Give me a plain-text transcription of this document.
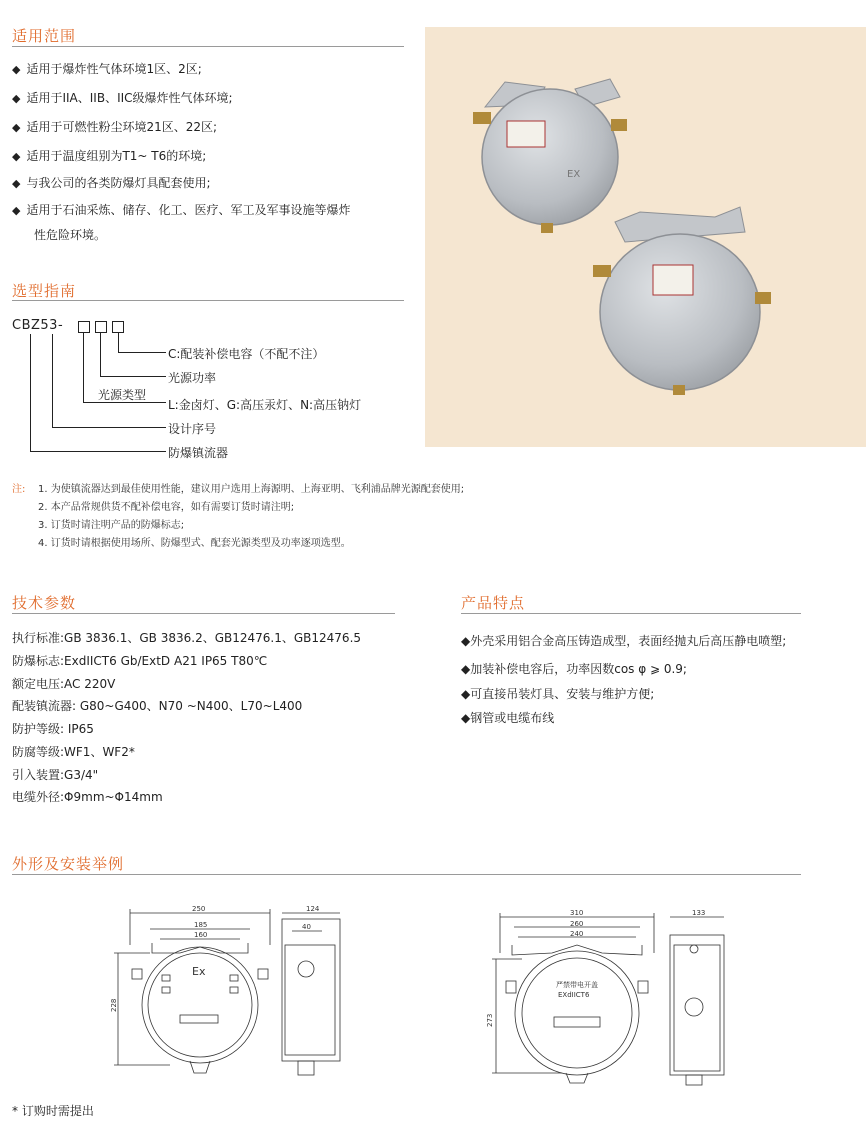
适用范围
◆ 适用于爆炸性气体环境1区、2区;
◆ 适用于IIA、IIB、IIC级爆炸性气体环境;
◆ 适用于可燃性粉尘环境21区、22区;
◆ 适用于温度组别为T1~ T6的环境;
◆ 与我公司的各类防爆灯具配套使用;
◆ 适用于石油采炼、储存、化工、医疗、军工及军事设施等爆炸
性危险环境。
EX
选型指南
CBZ53-
C:配装补偿电容（不配不注）
光源功率
光源类型
L:金卤灯、G:高压汞灯、N:高压钠灯
设计序号
防爆镇流器
注: 1. 为使镇流器达到最佳使用性能，建议用户选用上海源明、上海亚明、飞利浦品牌光源配套使用;
2. 本产品常规供货不配补偿电容，如有需要订货时请注明;
3. 订货时请注明产品的防爆标志;
4. 订货时请根据使用场所、防爆型式、配套光源类型及功率逐项选型。
技术参数
执行标准:GB 3836.1、GB 3836.2、GB12476.1、GB12476.5
防爆标志:ExdIICT6 Gb/ExtD A21 IP65 T80℃
额定电压:AC 220V
配装镇流器: G80~G400、N70 ~N400、L70~L400
防护等级: IP65
防腐等级:WF1、WF2*
引入装置:G3/4"
电缆外径:Φ9mm~Φ14mm
产品特点
◆外壳采用铝合金高压铸造成型，表面经抛丸后高压静电喷塑;
◆加装补偿电容后，功率因数cos φ ⩾ 0.9;
◆可直接吊装灯具、安装与维护方便;
◆钢管或电缆布线
外形及安装举例
250
185
160
228
124
40
Ex
310
260
240
273
133
严禁带电开盖
EXdIICT6
* 订购时需提出
